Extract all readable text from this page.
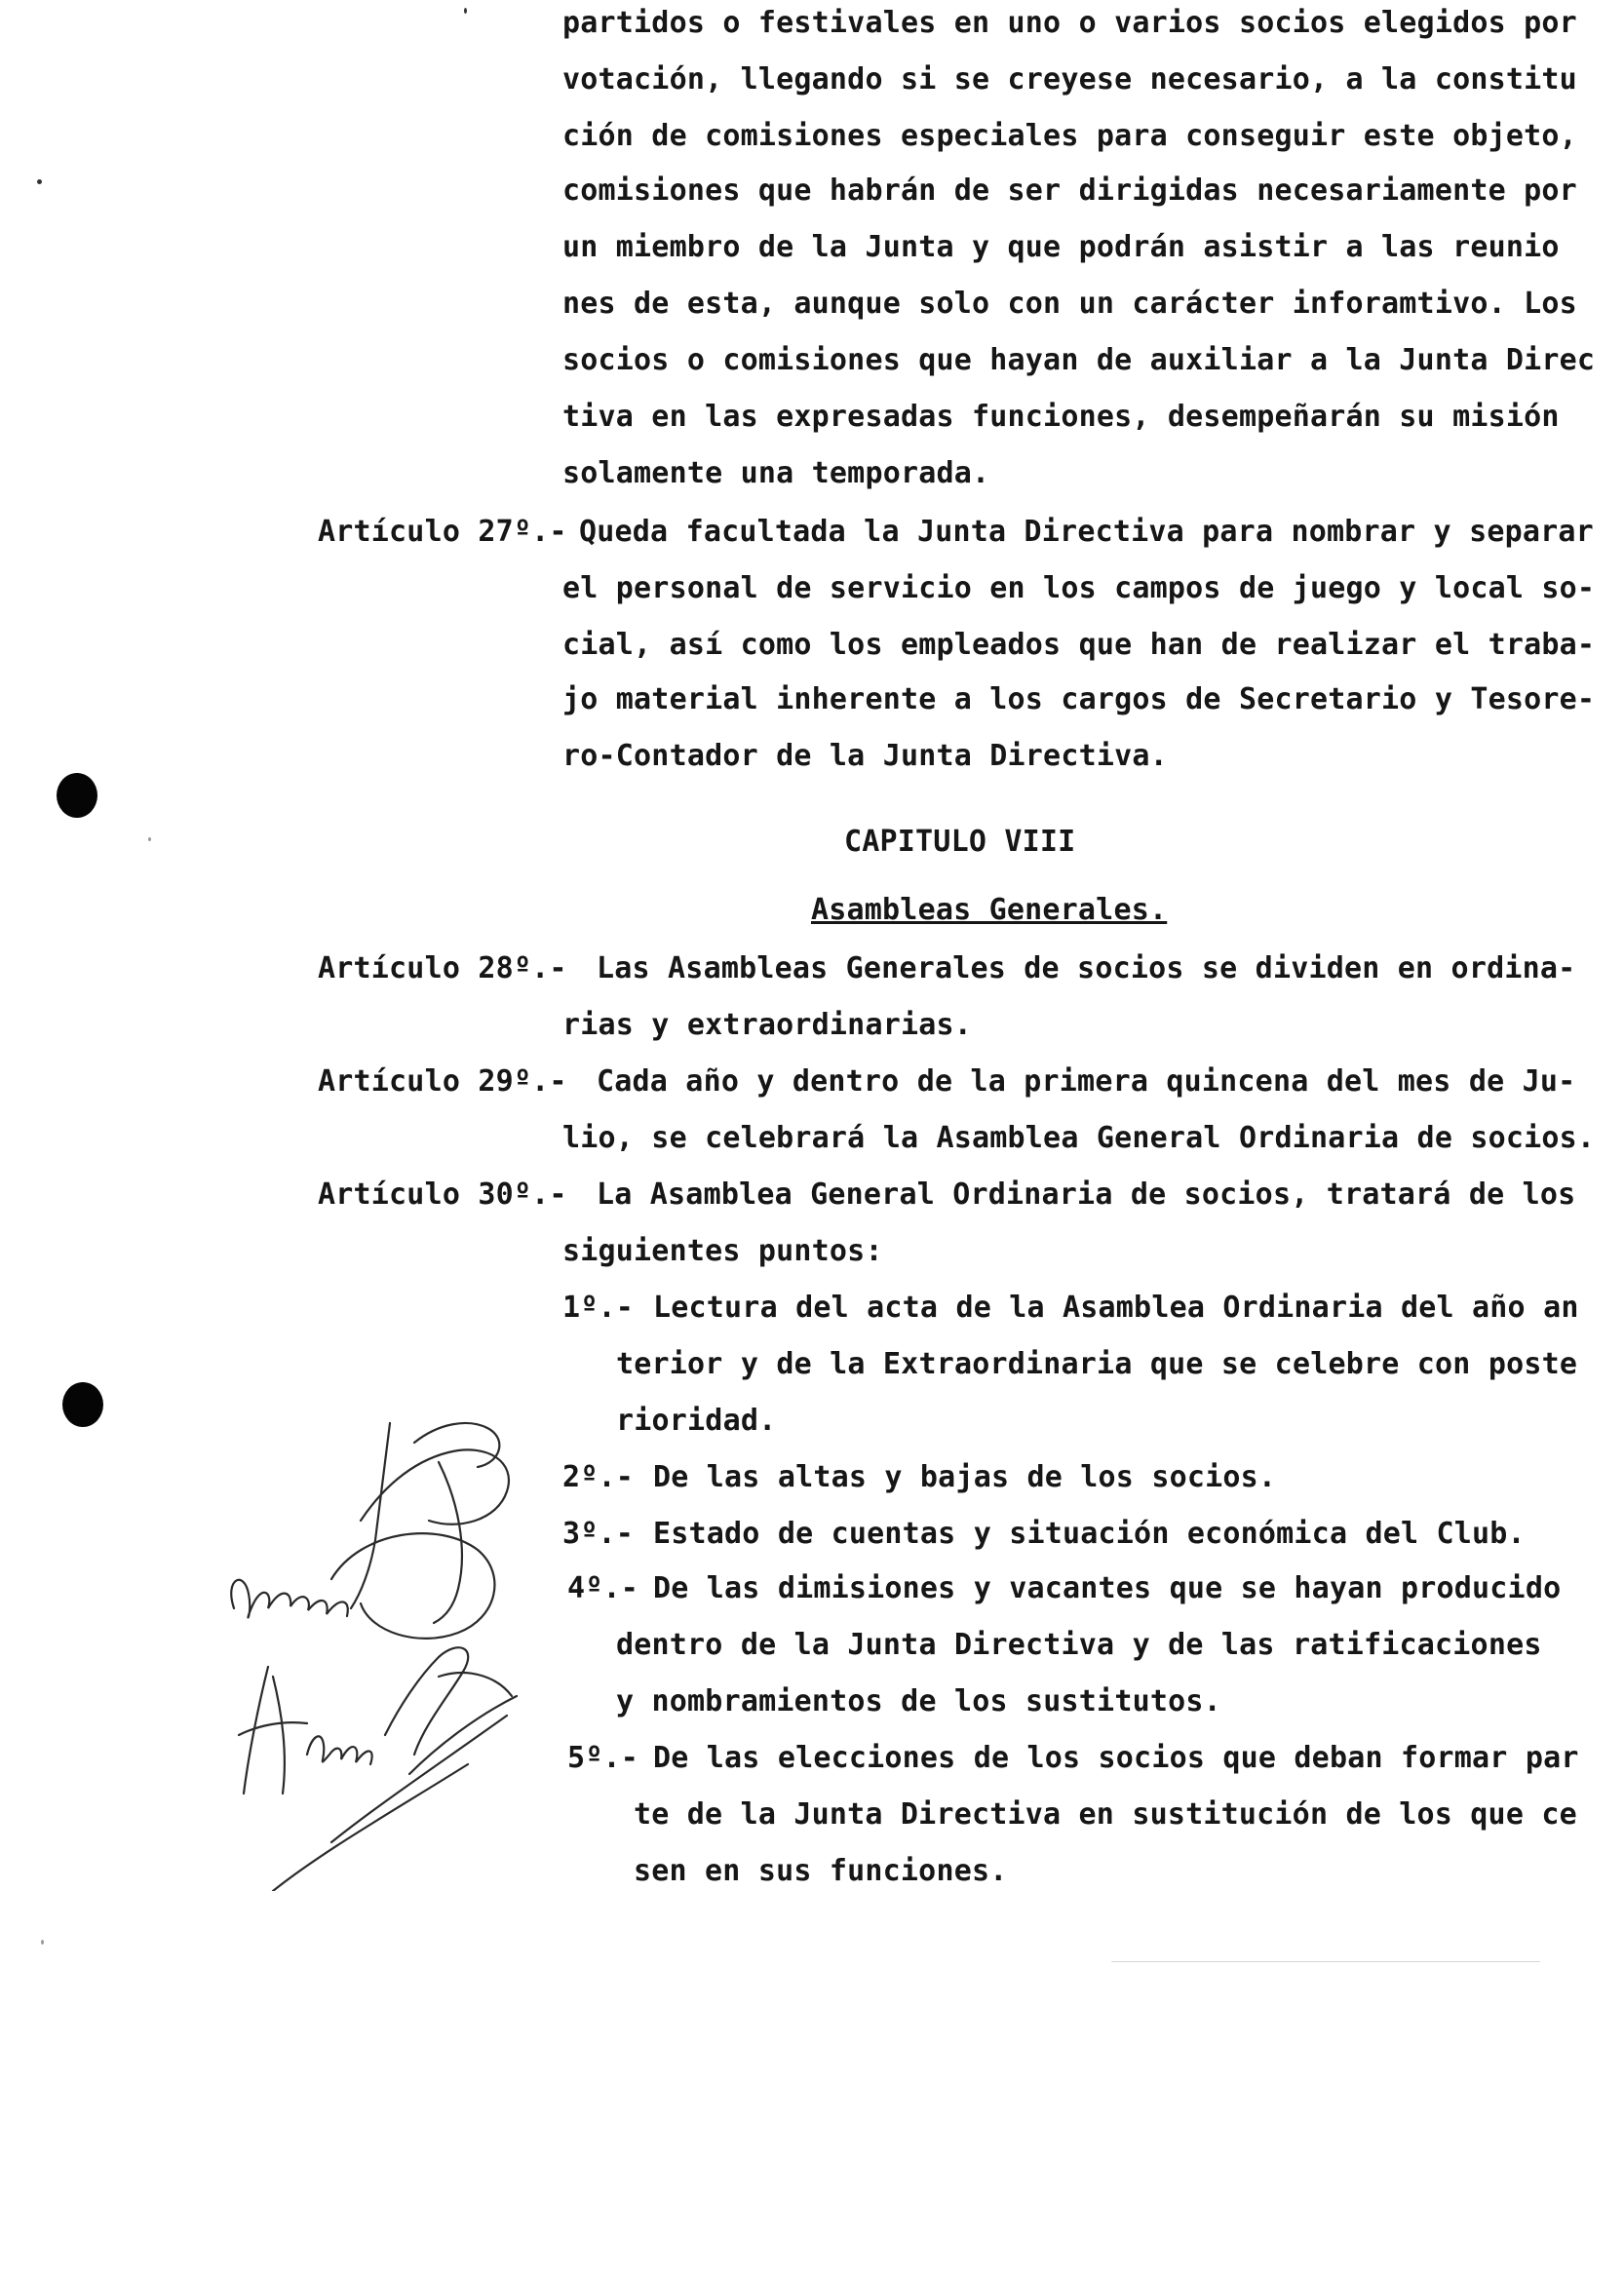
partidos o festivales en uno o varios socios elegidos por
votación, llegando si se creyese necesario, a la constitu
ción de comisiones especiales para conseguir este objeto,
comisiones que habrán de ser dirigidas necesariamente por
un miembro de la Junta y que podrán asistir a las reunio
nes de esta, aunque solo con un carácter inforamtivo. Los
socios o comisiones que hayan de auxiliar a la Junta Direc
tiva en las expresadas funciones, desempeñarán su misión
solamente una temporada.
Artículo 27º.- Queda facultada la Junta Directiva para nombrar y separar
el personal de servicio en los campos de juego y local so-
cial, así como los empleados que han de realizar el traba-
jo material inherente a los cargos de Secretario y Tesore-
ro-Contador de la Junta Directiva.
CAPITULO VIII
Asambleas Generales.
Artículo 28º.- Las Asambleas Generales de socios se dividen en ordina-
rias y extraordinarias.
Artículo 29º.- Cada año y dentro de la primera quincena del mes de Ju-
lio, se celebrará la Asamblea General Ordinaria de socios.
Artículo 30º.- La Asamblea General Ordinaria de socios, tratará de los
siguientes puntos:
1º.- Lectura del acta de la Asamblea Ordinaria del año an
terior y de la Extraordinaria que se celebre con poste
rioridad.
2º.- De las altas y bajas de los socios.
3º.- Estado de cuentas y situación económica del Club.
4º.- De las dimisiones y vacantes que se hayan producido
dentro de la Junta Directiva y de las ratificaciones
y nombramientos de los sustitutos.
5º.- De las elecciones de los socios que deban formar par
te de la Junta Directiva en sustitución de los que ce
sen en sus funciones.
